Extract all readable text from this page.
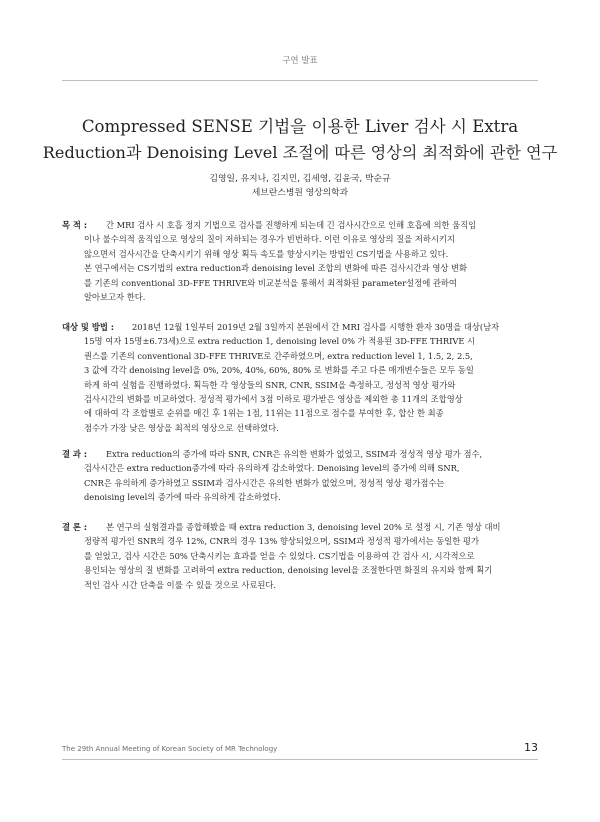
구연 발표
Compressed SENSE 기법을 이용한 Liver 검사 시 Extra
Reduction과 Denoising Level 조절에 따른 영상의 최적화에 관한 연구
김영일, 유지나, 김지민, 김세영, 김윤국, 박순규
세브란스병원 영상의학과
목 적 :	간 MRI 검사 시 호흡 정지 기법으로 검사를 진행하게 되는데 긴 검사시간으로 인해 호흡에 의한 움직임
이나 불수의적 움직임으로 영상의 질이 저하되는 경우가 빈번하다. 이런 이유로 영상의 질을 저하시키지
않으면서 검사시간을 단축시키기 위해 영상 획득 속도를 향상시키는 방법인 CS기법을 사용하고 있다.
본 연구에서는 CS기법의 extra reduction과 denoising level 조합의 변화에 따른 검사시간과 영상 변화
를 기존의 conventional 3D-FFE THRIVE와 비교분석을 통해서 최적화된 parameter설정에 관하여
알아보고자 한다.
대상 및 방법 :	2018년 12월 1일부터 2019년 2월 3일까지 본원에서 간 MRI 검사를 시행한 환자 30명을 대상(남자
15명 여자 15명±6.73세)으로 extra reduction 1, denoising level 0% 가 적용된 3D-FFE THRIVE 시
퀀스를 기존의 conventional 3D-FFE THRIVE로 간주하였으며, extra reduction level 1, 1.5, 2, 2.5,
3 값에 각각 denoising level을 0%, 20%, 40%, 60%, 80% 로 변화를 주고 다른 매개변수들은 모두 동일
하게 하여 실험을 진행하였다. 획득한 각 영상들의 SNR, CNR, SSIM을 측정하고, 정성적 영상 평가와
검사시간의 변화를 비교하였다. 정성적 평가에서 3점 이하로 평가받은 영상을 제외한 총 11개의 조합영상
에 대하여 각 조합별로 순위를 매긴 후 1위는 1점, 11위는 11점으로 점수를 부여한 후, 합산 한 최종
점수가 가장 낮은 영상을 최적의 영상으로 선택하였다.
결 과 :	Extra reduction의 증가에 따라 SNR, CNR은 유의한 변화가 없었고, SSIM과 정성적 영상 평가 점수,
검사시간은 extra reduction증가에 따라 유의하게 감소하였다. Denoising level의 증가에 의해 SNR,
CNR은 유의하게 증가하였고 SSIM과 검사시간은 유의한 변화가 없었으며, 정성적 영상 평가점수는
denoising level의 증가에 따라 유의하게 감소하였다.
결 론 :	본 연구의 실험결과를 종합해봤을 때 extra reduction 3, denoising level 20% 로 설정 시, 기존 영상 대비
정량적 평가인 SNR의 경우 12%, CNR의 경우 13% 향상되었으며, SSIM과 정성적 평가에서는 동일한 평가
를 얻었고, 검사 시간은 50% 단축시키는 효과를 얻을 수 있었다. CS기법을 이용하여 간 검사 시, 시각적으로
용인되는 영상의 질 변화를 고려하여 extra reduction, denoising level을 조절한다면 화질의 유지와 함께 획기
적인 검사 시간 단축을 이룰 수 있을 것으로 사료된다.
The 29th Annual Meeting of Korean Society of MR Technology	13
